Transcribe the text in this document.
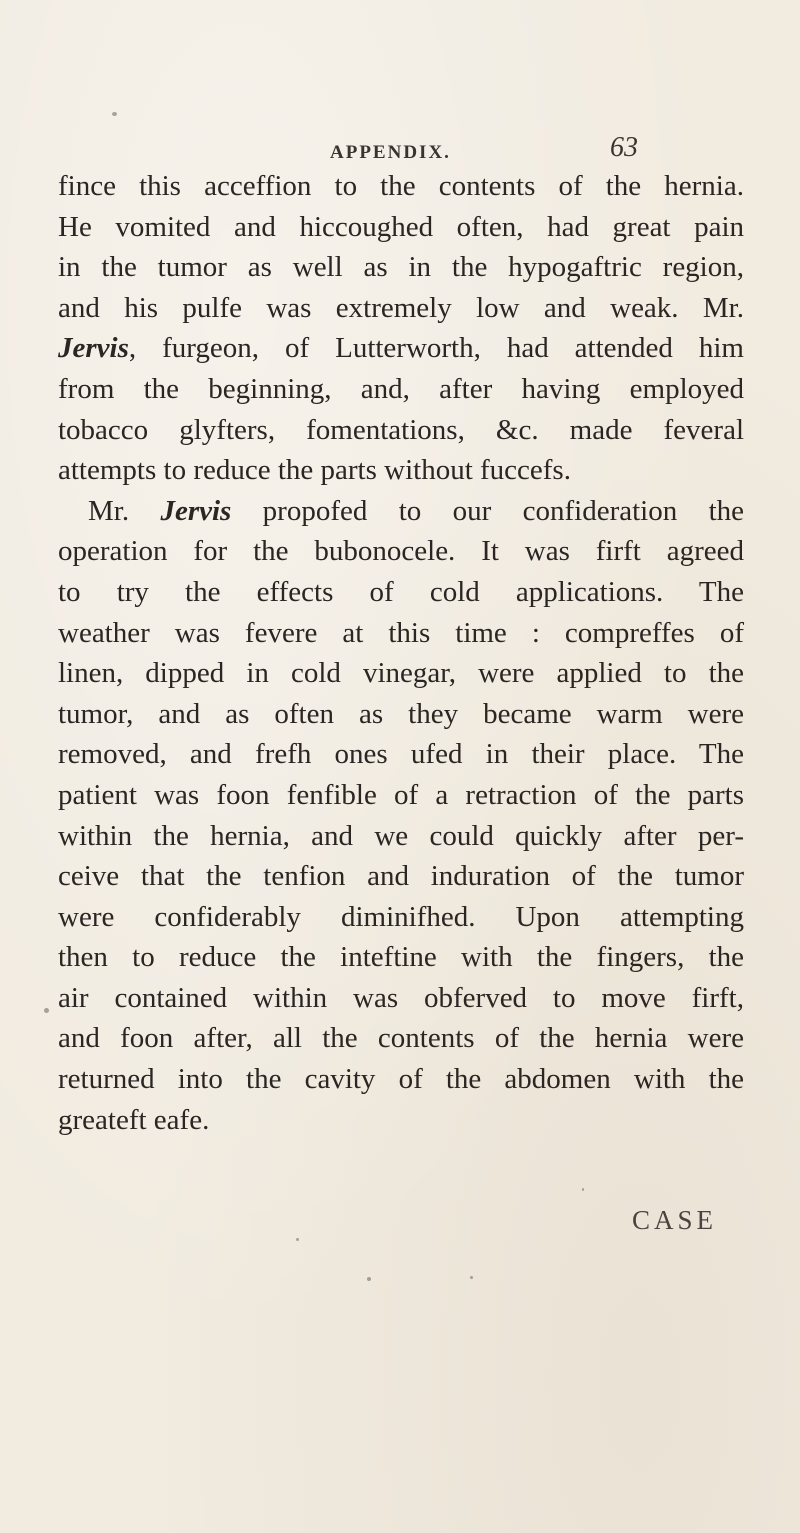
APPENDIX.	63
fince this acceffion to the contents of the hernia.
He vomited and hiccoughed often, had great pain
in the tumor as well as in the hypogaftric region,
and his pulfe was extremely low and weak. Mr.
Jervis, furgeon, of Lutterworth, had attended him
from the beginning, and, after having employed
tobacco glyfters, fomentations, &c. made feveral
attempts to reduce the parts without fuccefs.
Mr. Jervis propofed to our confideration the
operation for the bubonocele. It was firft agreed
to try the effects of cold applications. The
weather was fevere at this time : compreffes of
linen, dipped in cold vinegar, were applied to the
tumor, and as often as they became warm were
removed, and frefh ones ufed in their place. The
patient was foon fenfible of a retraction of the parts
within the hernia, and we could quickly after per-
ceive that the tenfion and induration of the tumor
were confiderably diminifhed. Upon attempting
then to reduce the inteftine with the fingers, the
air contained within was obferved to move firft,
and foon after, all the contents of the hernia were
returned into the cavity of the abdomen with the
greateft eafe.
CASE
